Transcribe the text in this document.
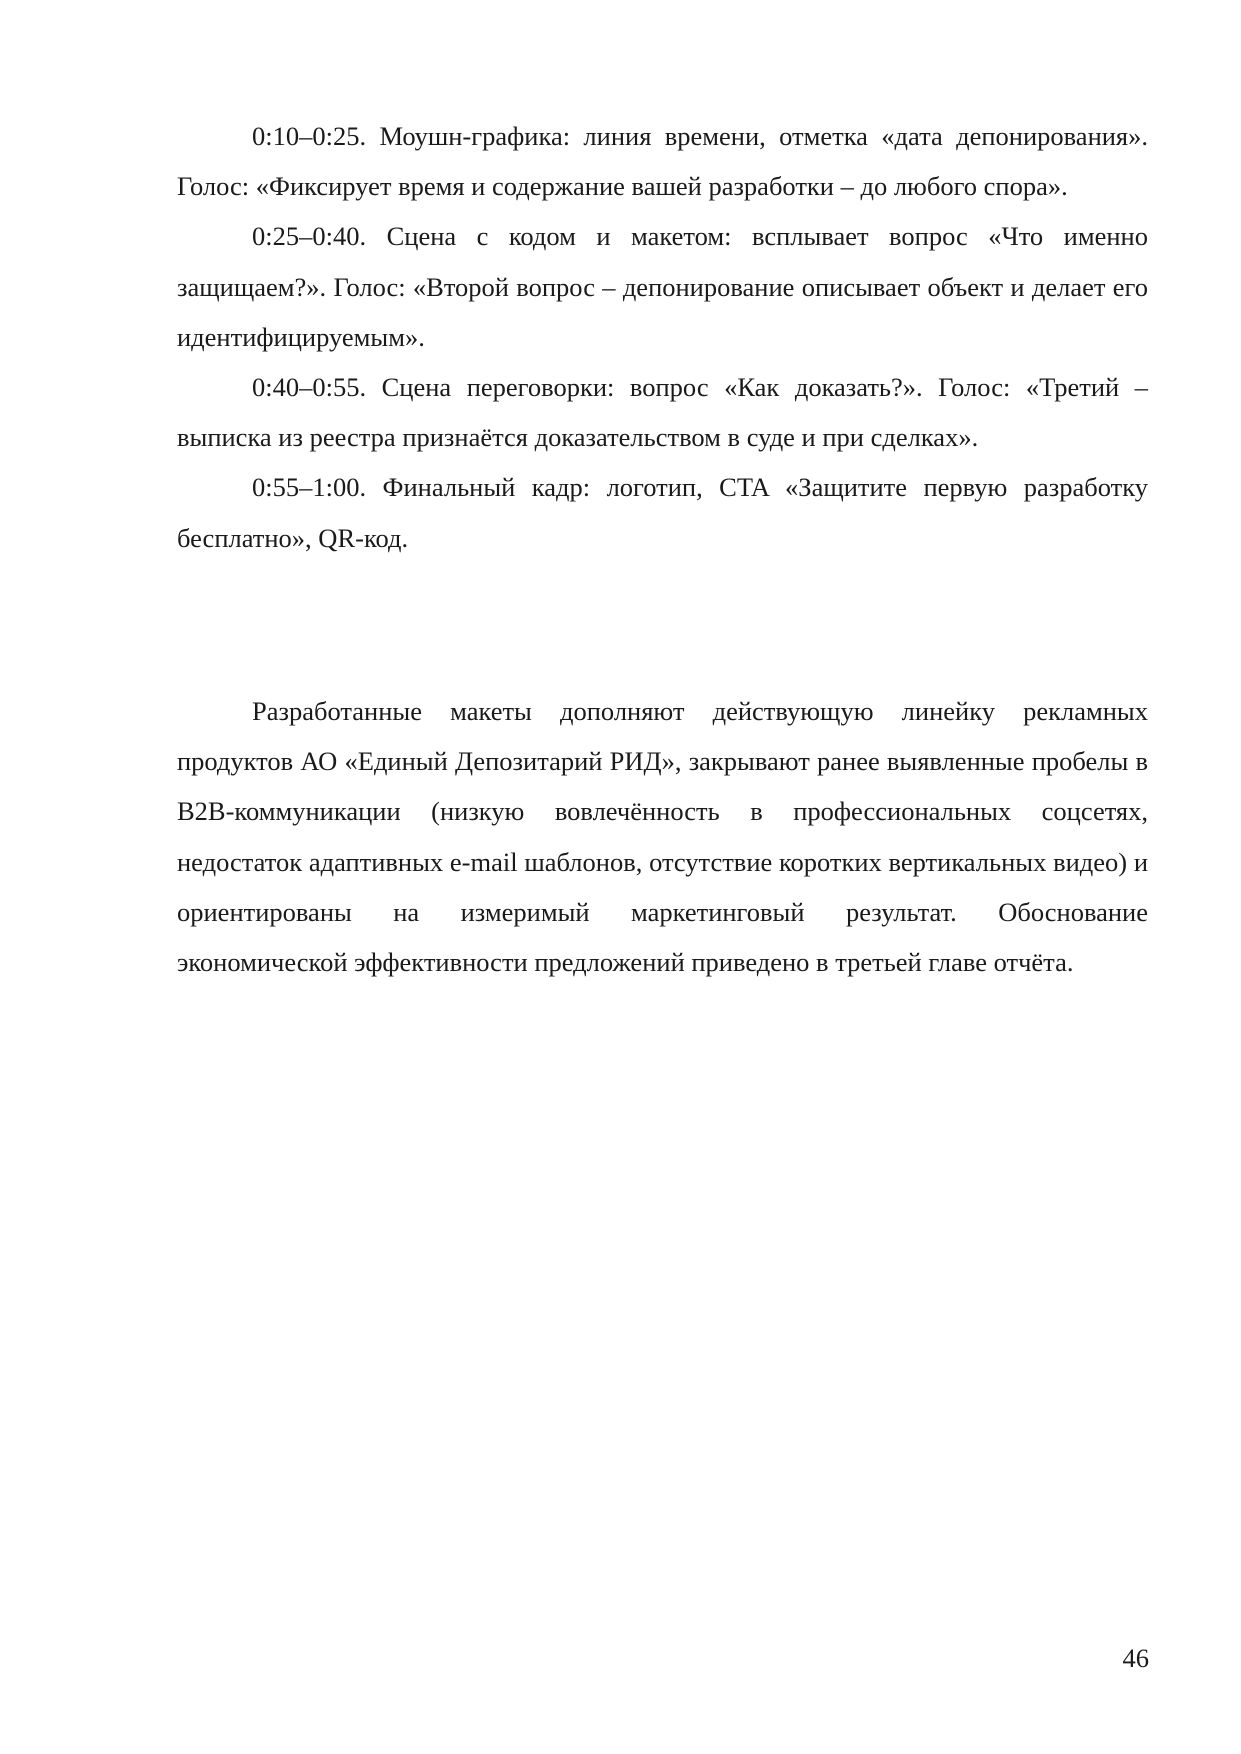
0:10–0:25. Моушн-графика: линия времени, отметка «дата депонирования». Голос: «Фиксирует время и содержание вашей разработки – до любого спора».

0:25–0:40. Сцена с кодом и макетом: всплывает вопрос «Что именно защищаем?». Голос: «Второй вопрос – депонирование описывает объект и делает его идентифицируемым».

0:40–0:55. Сцена переговорки: вопрос «Как доказать?». Голос: «Третий – выписка из реестра признаётся доказательством в суде и при сделках».

0:55–1:00. Финальный кадр: логотип, CTA «Защитите первую разработку бесплатно», QR-код.

Разработанные макеты дополняют действующую линейку рекламных продуктов АО «Единый Депозитарий РИД», закрывают ранее выявленные пробелы в B2B-коммуникации (низкую вовлечённость в профессиональных соцсетях, недостаток адаптивных e-mail шаблонов, отсутствие коротких вертикальных видео) и ориентированы на измеримый маркетинговый результат. Обоснование экономической эффективности предложений приведено в третьей главе отчёта.

46
